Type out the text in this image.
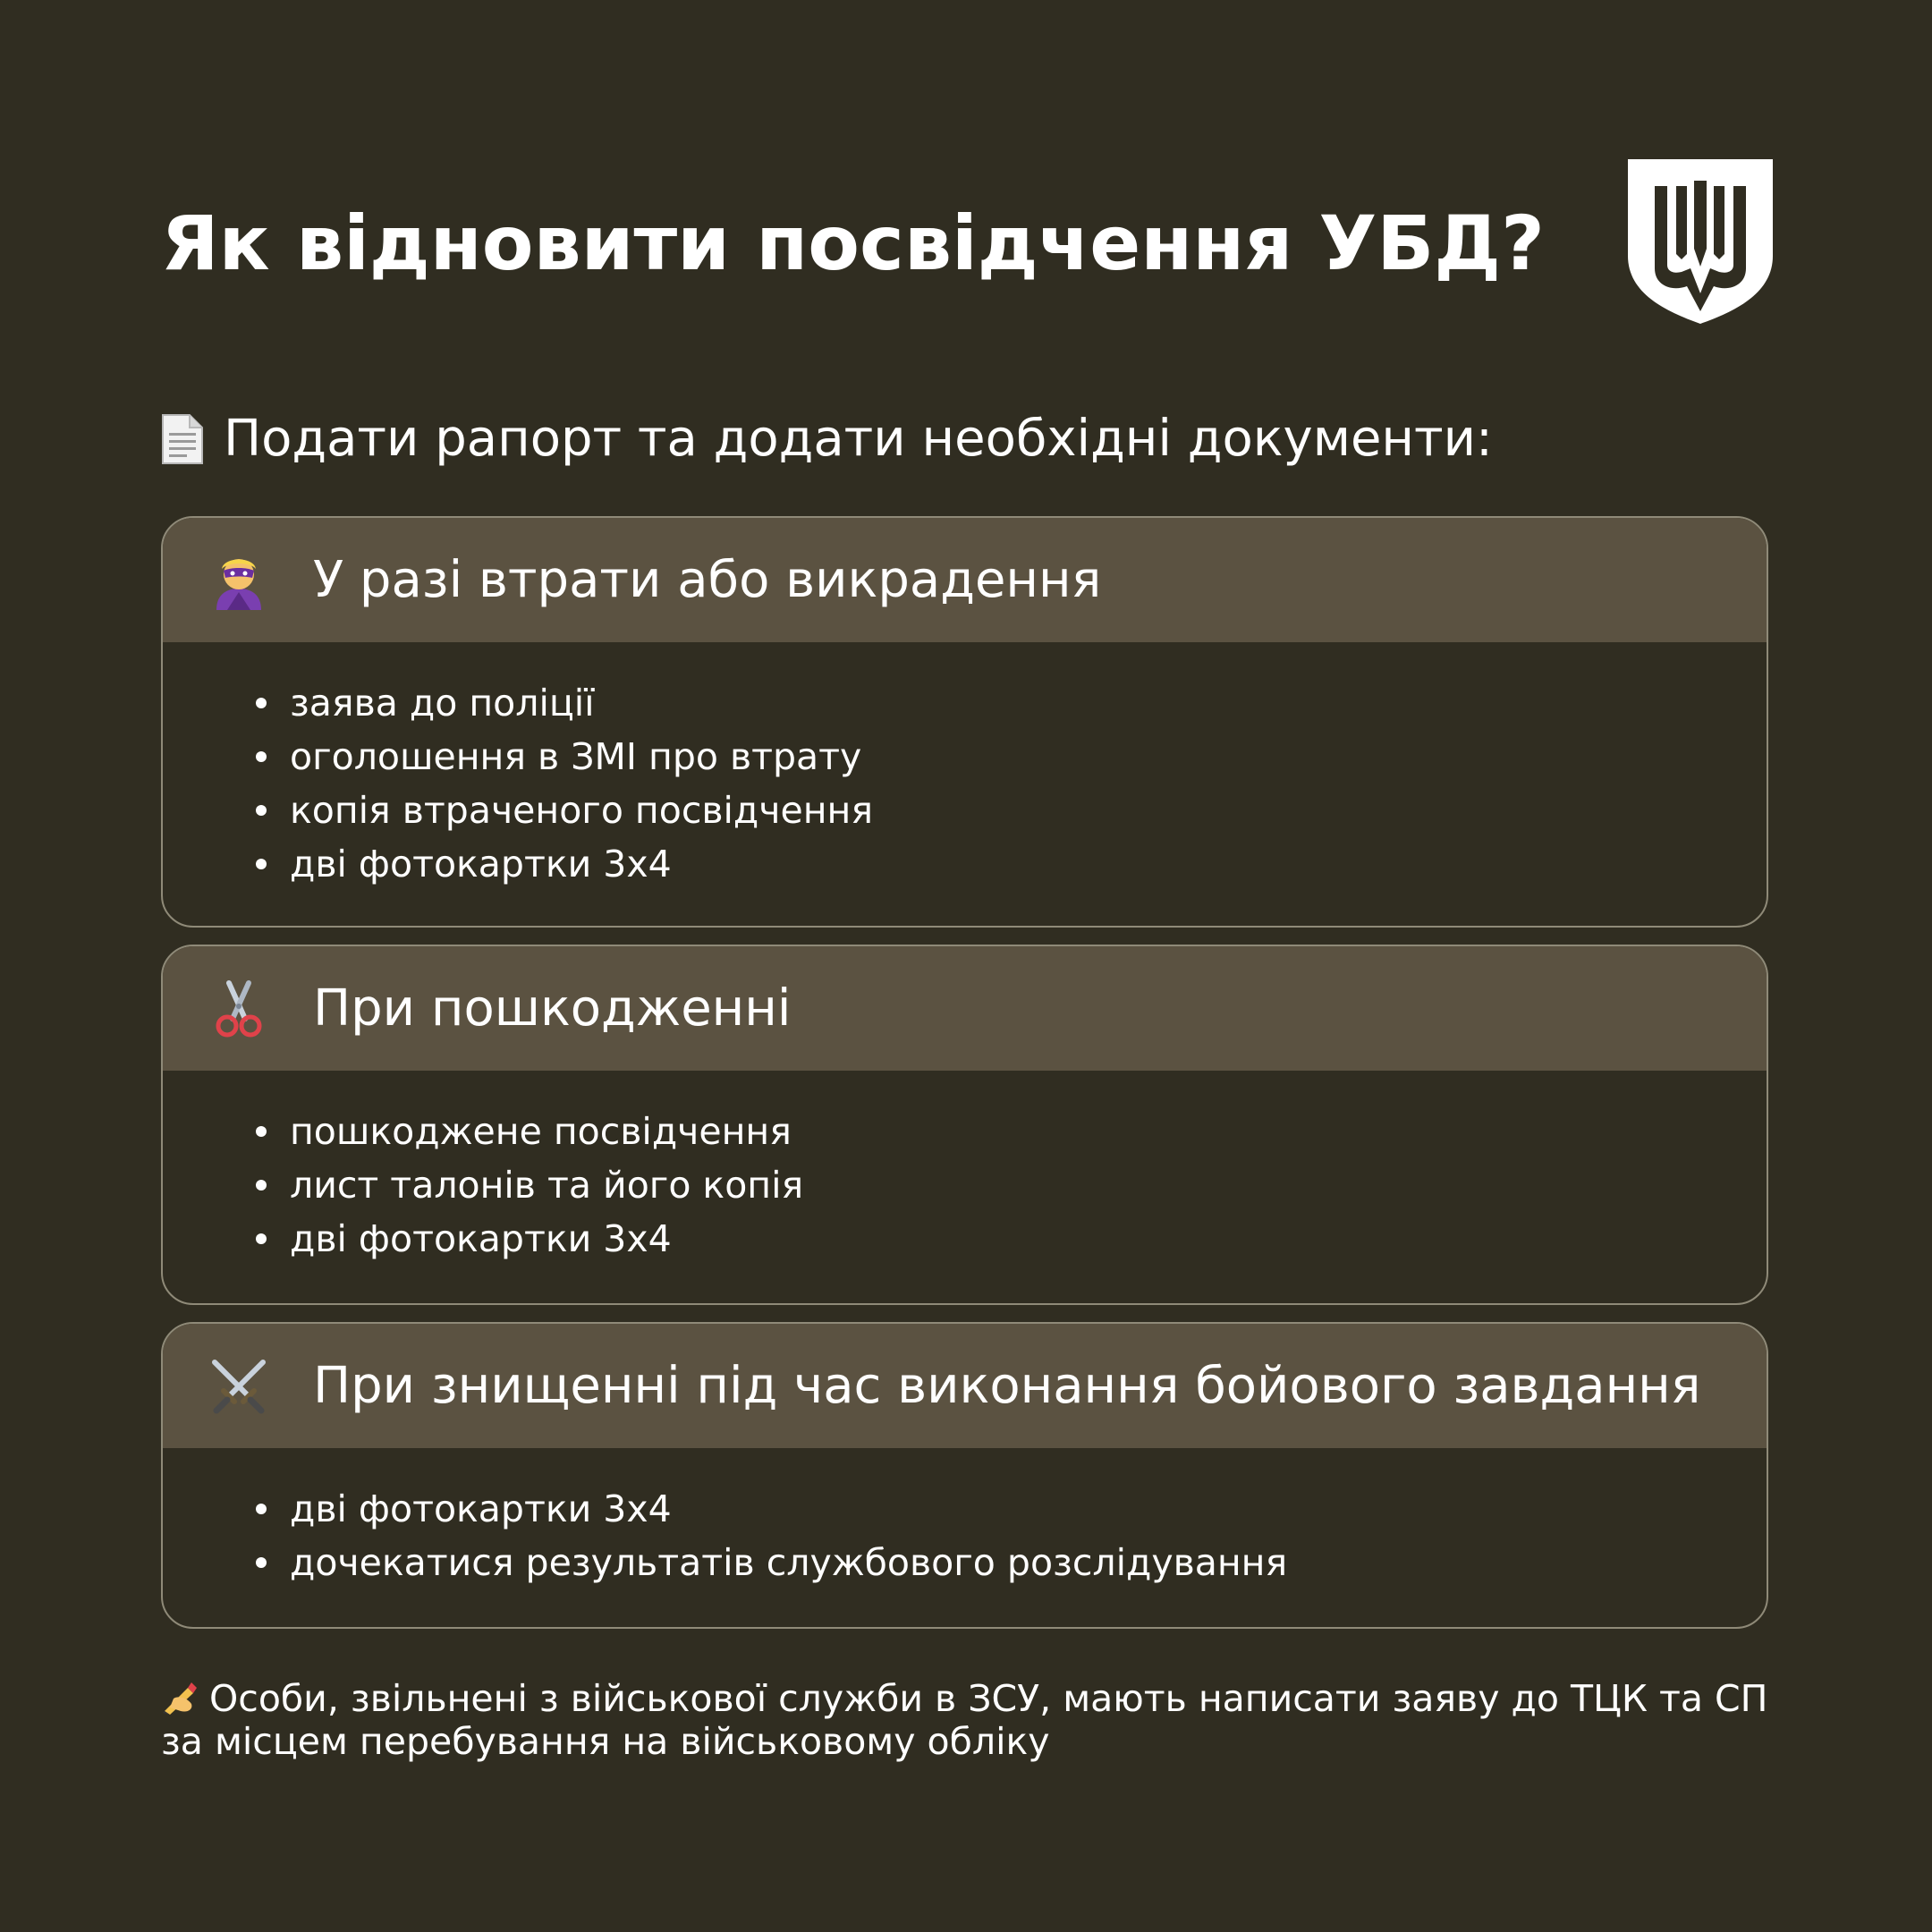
Як відновити посвідчення УБД?
Подати рапорт та додати необхідні документи:
У разі втрати або викрадення
заява до поліції
оголошення в ЗМІ про втрату
копія втраченого посвідчення
дві фотокартки 3х4
При пошкодженні
пошкоджене посвідчення
лист талонів та його копія
дві фотокартки 3х4
При знищенні під час виконання бойового завдання
дві фотокартки 3х4
дочекатися результатів службового розслідування
Особи, звільнені з військової служби в ЗСУ, мають написати заяву до ТЦК та СП за місцем перебування на військовому обліку
